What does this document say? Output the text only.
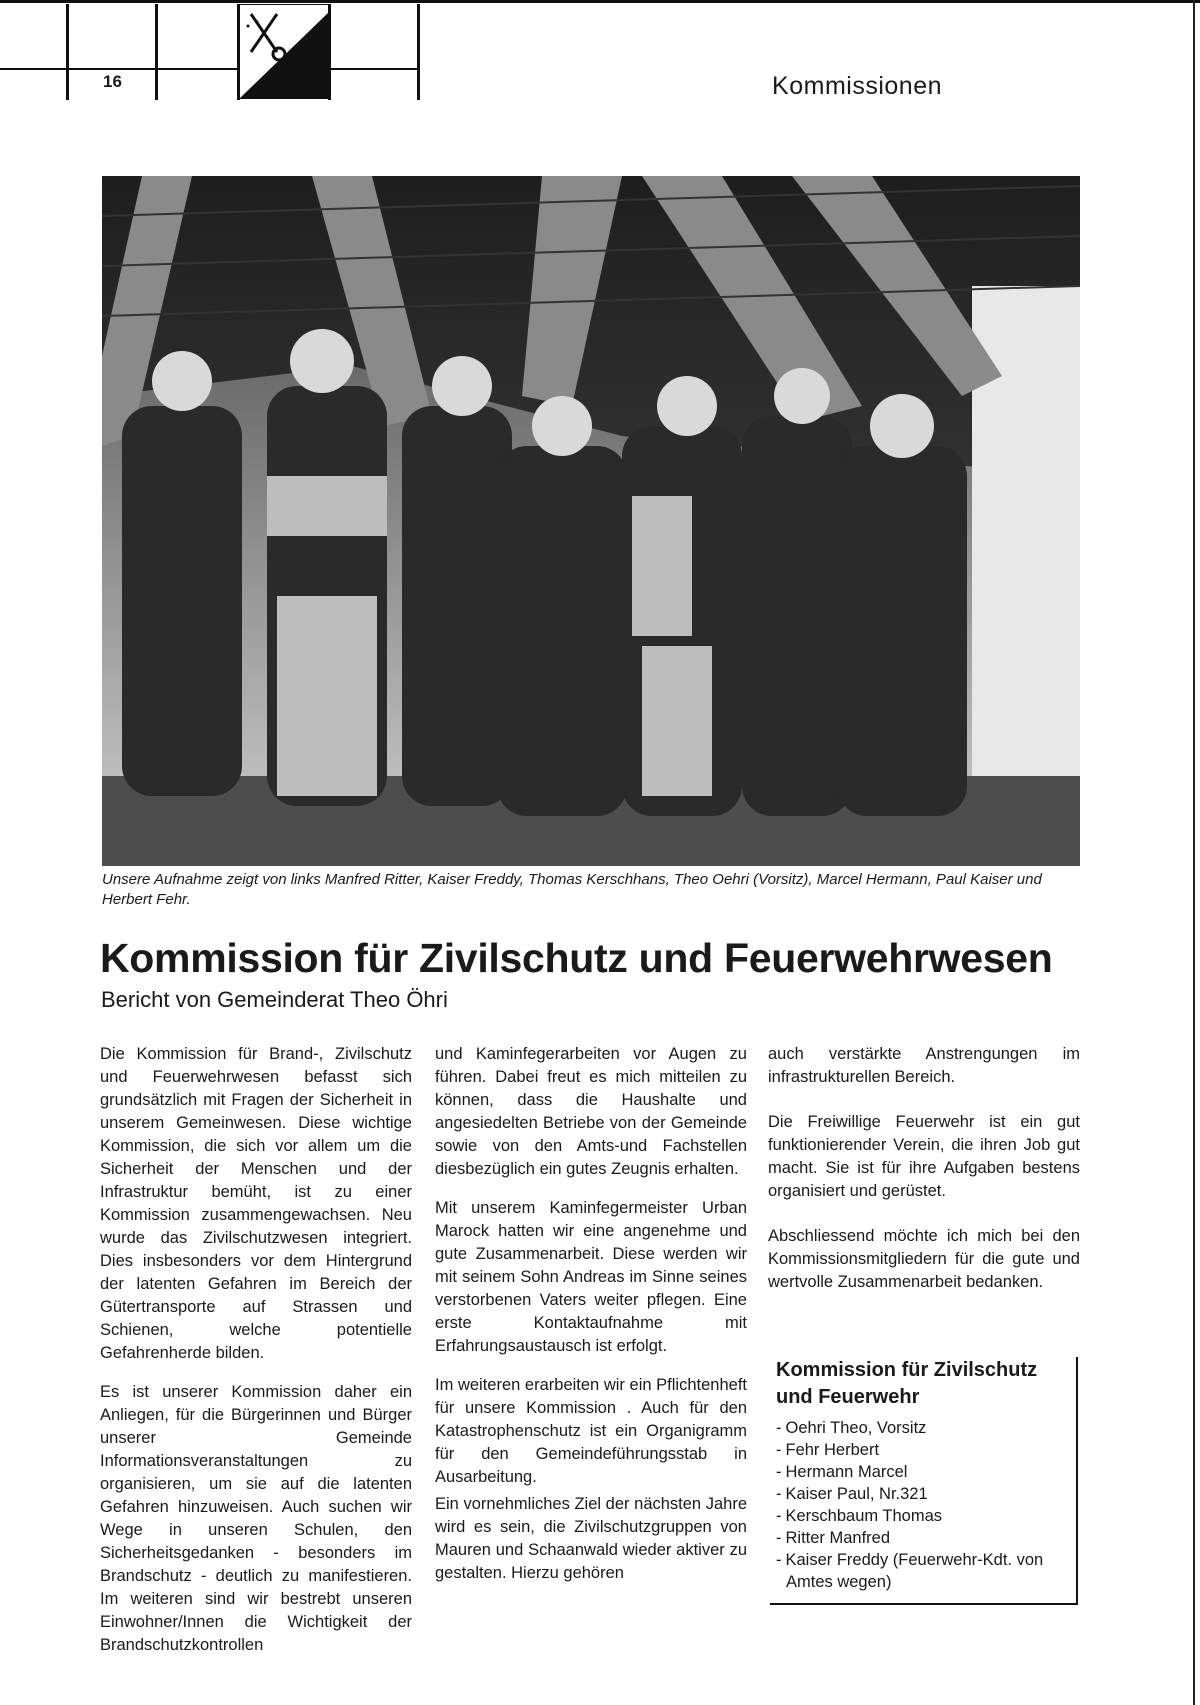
16	Kommissionen
Unsere Aufnahme zeigt von links Manfred Ritter, Kaiser Freddy, Thomas Kerschhans, Theo Oehri (Vorsitz), Marcel Hermann, Paul Kaiser und Herbert Fehr.
Kommission für Zivilschutz und Feuerwehrwesen
Bericht von Gemeinderat Theo Öhri

Die Kommission für Brand-, Zivilschutz und Feuerwehrwesen befasst sich grundsätzlich mit Fragen der Sicherheit in unserem Gemeinwesen. Diese wichtige Kommission, die sich vor allem um die Sicherheit der Menschen und der Infrastruktur bemüht, ist zu einer Kommission zusammengewachsen. Neu wurde das Zivilschutzwesen integriert. Dies insbesonders vor dem Hintergrund der latenten Gefahren im Bereich der Gütertransporte auf Strassen und Schienen, welche potentielle Gefahrenherde bilden.

Es ist unserer Kommission daher ein Anliegen, für die Bürgerinnen und Bürger unserer Gemeinde Informationsveranstaltungen zu organisieren, um sie auf die latenten Gefahren hinzuweisen. Auch suchen wir Wege in unseren Schulen, den Sicherheitsgedanken - besonders im Brandschutz - deutlich zu manifestieren. Im weiteren sind wir bestrebt unseren Einwohner/Innen die Wichtigkeit der Brandschutzkontrollen

und Kaminfegerarbeiten vor Augen zu führen. Dabei freut es mich mitteilen zu können, dass die Haushalte und angesiedelten Betriebe von der Gemeinde sowie von den Amts-und Fachstellen diesbezüglich ein gutes Zeugnis erhalten.

Mit unserem Kaminfegermeister Urban Marock hatten wir eine angenehme und gute Zusammenarbeit. Diese werden wir mit seinem Sohn Andreas im Sinne seines verstorbenen Vaters weiter pflegen. Eine erste Kontaktaufnahme mit Erfahrungsaustausch ist erfolgt.

Im weiteren erarbeiten wir ein Pflichtenheft für unsere Kommission . Auch für den Katastrophenschutz ist ein Organigramm für den Gemeindeführungsstab in Ausarbeitung.

Ein vornehmliches Ziel der nächsten Jahre wird es sein, die Zivilschutzgruppen von Mauren und Schaanwald wieder aktiver zu gestalten. Hierzu gehören

auch verstärkte Anstrengungen im infrastrukturellen Bereich.

Die Freiwillige Feuerwehr ist ein gut funktionierender Verein, die ihren Job gut macht. Sie ist für ihre Aufgaben bestens organisiert und gerüstet.

Abschliessend möchte ich mich bei den Kommissionsmitgliedern für die gute und wertvolle Zusammenarbeit bedanken.

Kommission für Zivilschutz und Feuerwehr
- Oehri Theo, Vorsitz
- Fehr Herbert
- Hermann Marcel
- Kaiser Paul, Nr.321
- Kerschbaum Thomas
- Ritter Manfred
- Kaiser Freddy (Feuerwehr-Kdt. von Amtes wegen)
